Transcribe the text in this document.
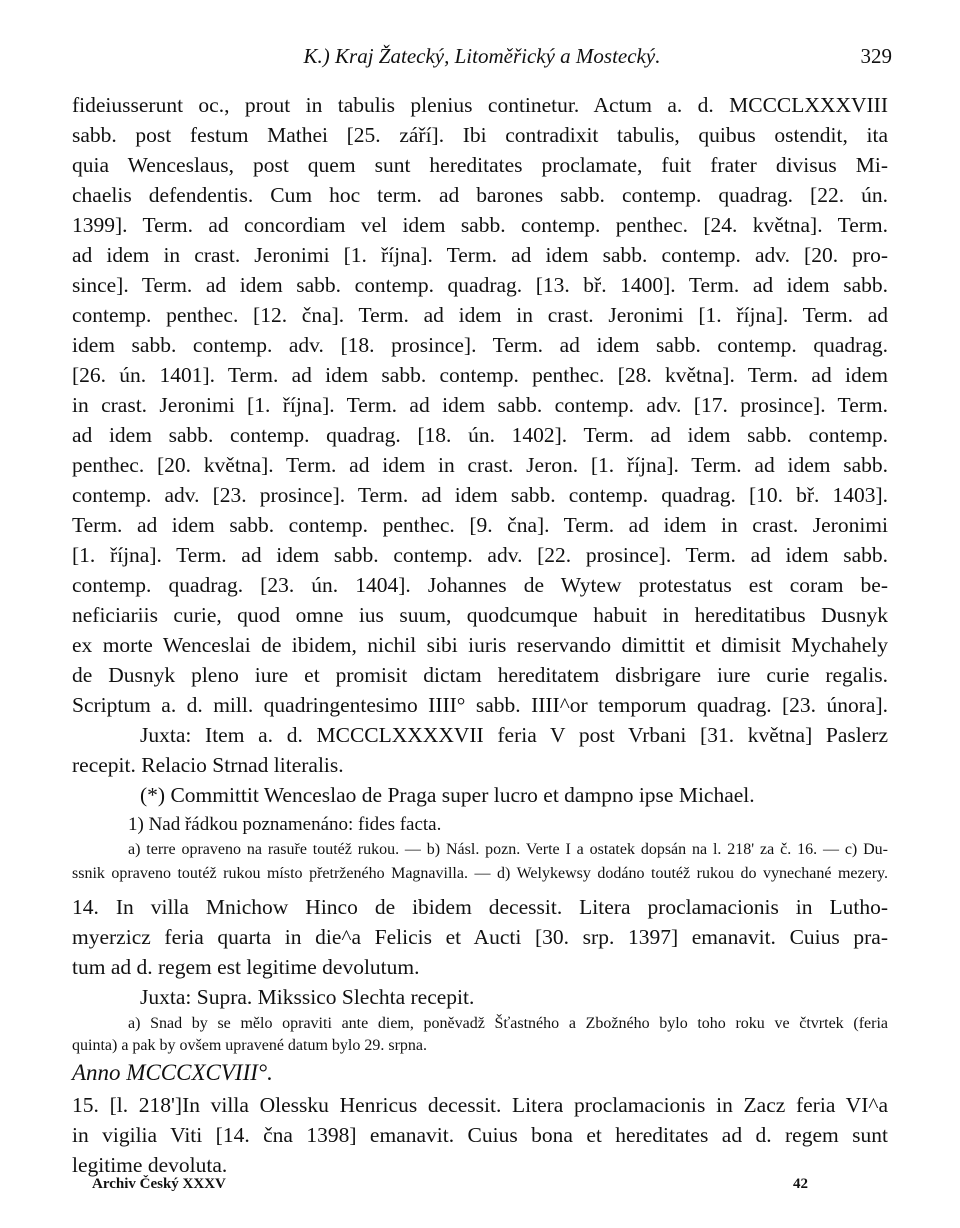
K.) Kraj Žatecký, Litoměřický a Mostecký.	329
fideiusserunt oc., prout in tabulis plenius continetur. Actum a. d. MCCCLXXXVIII
sabb. post festum Mathei [25. září]. Ibi contradixit tabulis, quibus ostendit, ita
quia Wenceslaus, post quem sunt hereditates proclamate, fuit frater divisus Mi-
chaelis defendentis. Cum hoc term. ad barones sabb. contemp. quadrag. [22. ún.
1399]. Term. ad concordiam vel idem sabb. contemp. penthec. [24. května]. Term.
ad idem in crast. Jeronimi [1. října]. Term. ad idem sabb. contemp. adv. [20. pro-
since]. Term. ad idem sabb. contemp. quadrag. [13. bř. 1400]. Term. ad idem sabb.
contemp. penthec. [12. čna]. Term. ad idem in crast. Jeronimi [1. října]. Term. ad
idem sabb. contemp. adv. [18. prosince]. Term. ad idem sabb. contemp. quadrag.
[26. ún. 1401]. Term. ad idem sabb. contemp. penthec. [28. května]. Term. ad idem
in crast. Jeronimi [1. října]. Term. ad idem sabb. contemp. adv. [17. prosince]. Term.
ad idem sabb. contemp. quadrag. [18. ún. 1402]. Term. ad idem sabb. contemp.
penthec. [20. května]. Term. ad idem in crast. Jeron. [1. října]. Term. ad idem sabb.
contemp. adv. [23. prosince]. Term. ad idem sabb. contemp. quadrag. [10. bř. 1403].
Term. ad idem sabb. contemp. penthec. [9. čna]. Term. ad idem in crast. Jeronimi
[1. října]. Term. ad idem sabb. contemp. adv. [22. prosince]. Term. ad idem sabb.
contemp. quadrag. [23. ún. 1404]. Johannes de Wytew protestatus est coram be-
neficiariis curie, quod omne ius suum, quodcumque habuit in hereditatibus Dusnyk
ex morte Wenceslai de ibidem, nichil sibi iuris reservando dimittit et dimisit Mychahely
de Dusnyk pleno iure et promisit dictam hereditatem disbrigare iure curie regalis.
Scriptum a. d. mill. quadringentesimo IIII° sabb. IIII^or temporum quadrag. [23. února].
Juxta: Item a. d. MCCCLXXXXVII feria V post Vrbani [31. května] Paslerz
recepit. Relacio Strnad literalis.
(*) Committit Wenceslao de Praga super lucro et dampno ipse Michael.
1) Nad řádkou poznamenáno: fides facta.
a) terre opraveno na rasuře toutéž rukou. — b) Násl. pozn. Verte I a ostatek dopsán na l. 218' za č. 16. — c) Du-
ssnik opraveno toutéž rukou místo přetrženého Magnavilla. — d) Welykewsy dodáno toutéž rukou do vynechané mezery.
14. In villa Mnichow Hinco de ibidem decessit. Litera proclamacionis in Lutho-
myerzicz feria quarta in die^a Felicis et Aucti [30. srp. 1397] emanavit. Cuius pra-
tum ad d. regem est legitime devolutum.
Juxta: Supra. Mikssico Slechta recepit.
a) Snad by se mělo opraviti ante diem, poněvadž Šťastného a Zbožného bylo toho roku ve čtvrtek (feria
quinta) a pak by ovšem upravené datum bylo 29. srpna.
Anno MCCCXCVIII°.
15. [l. 218']In villa Olessku Henricus decessit. Litera proclamacionis in Zacz feria VI^a
in vigilia Viti [14. čna 1398] emanavit. Cuius bona et hereditates ad d. regem sunt
legitime devoluta.
Archiv Český XXXV	42
